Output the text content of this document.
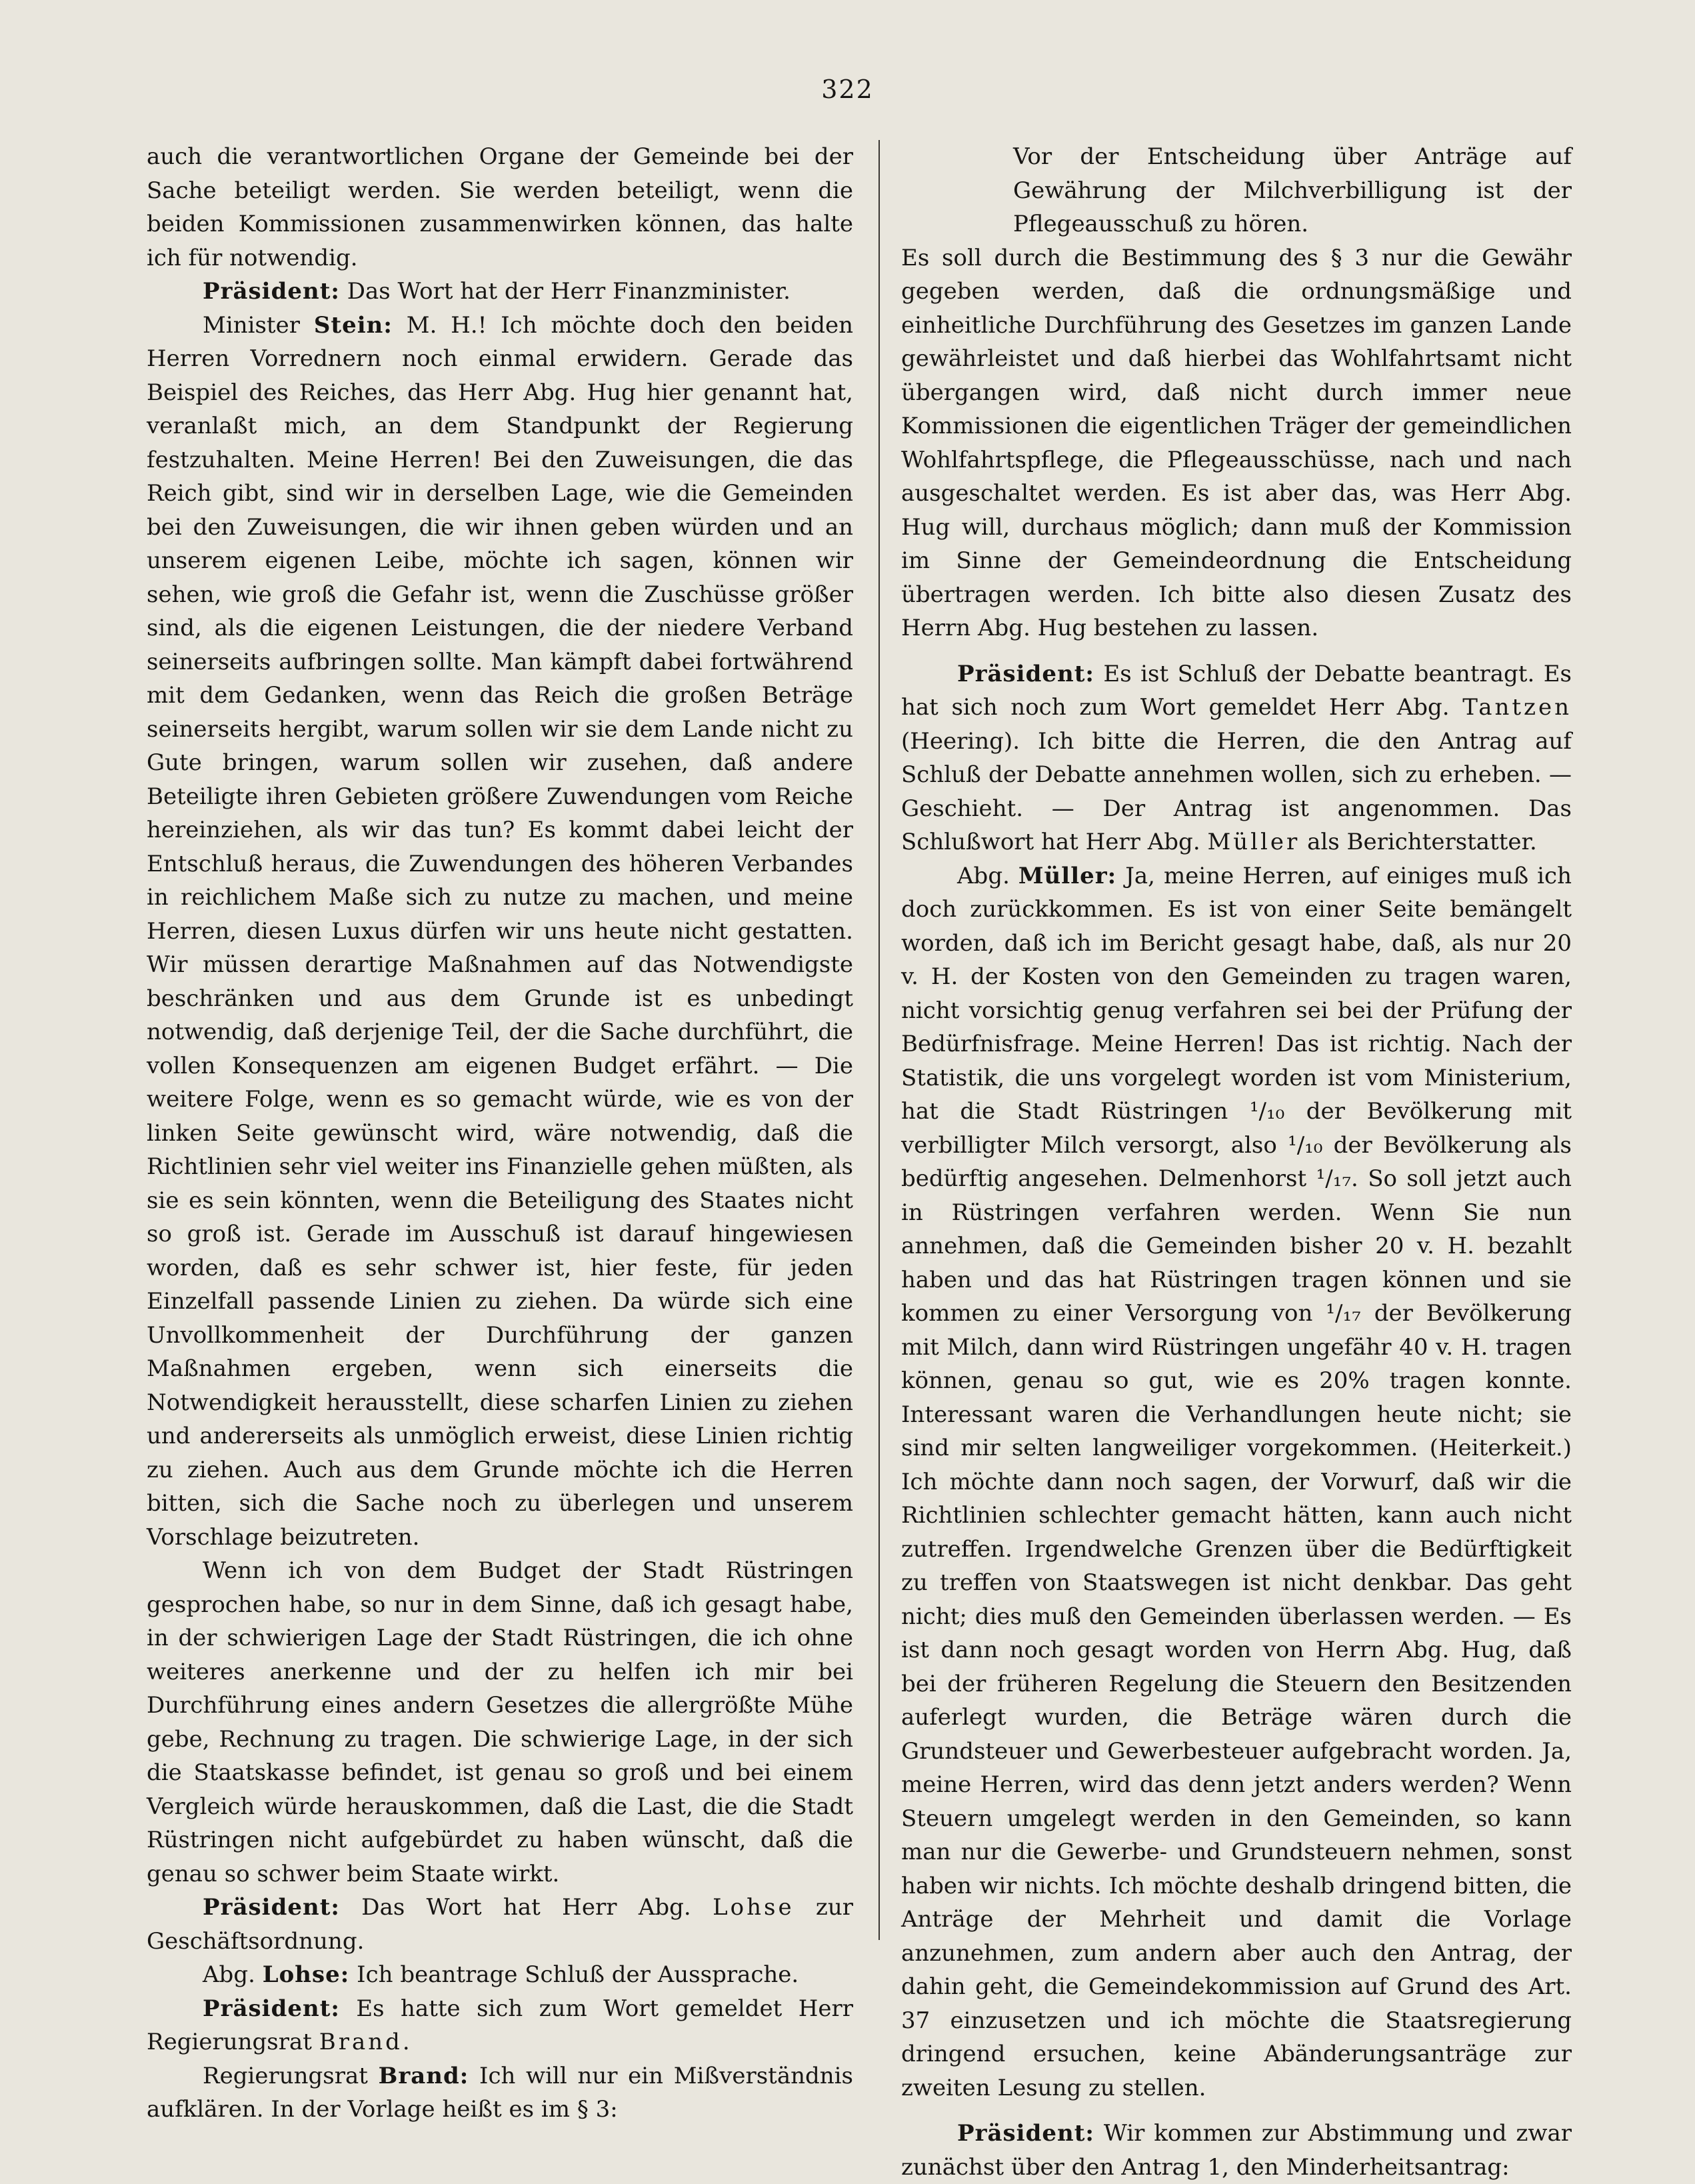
322

auch die verantwortlichen Organe der Gemeinde bei der Sache beteiligt werden. Sie werden beteiligt, wenn die beiden Kommissionen zusammenwirken können, das halte ich für notwendig.

Präsident: Das Wort hat der Herr Finanzminister.

Minister Stein: M. H.! Ich möchte doch den beiden Herren Vorrednern noch einmal erwidern. Gerade das Beispiel des Reiches, das Herr Abg. Hug hier genannt hat, veranlaßt mich, an dem Standpunkt der Regierung festzuhalten. Meine Herren! Bei den Zuweisungen, die das Reich gibt, sind wir in derselben Lage, wie die Gemeinden bei den Zuweisungen, die wir ihnen geben würden und an unserem eigenen Leibe, möchte ich sagen, können wir sehen, wie groß die Gefahr ist, wenn die Zuschüsse größer sind, als die eigenen Leistungen, die der niedere Verband seinerseits aufbringen sollte. Man kämpft dabei fortwährend mit dem Gedanken, wenn das Reich die großen Beträge seinerseits hergibt, warum sollen wir sie dem Lande nicht zu Gute bringen, warum sollen wir zusehen, daß andere Beteiligte ihren Gebieten größere Zuwendungen vom Reiche hereinziehen, als wir das tun? Es kommt dabei leicht der Entschluß heraus, die Zuwendungen des höheren Verbandes in reichlichem Maße sich zu nutze zu machen, und meine Herren, diesen Luxus dürfen wir uns heute nicht gestatten. Wir müssen derartige Maßnahmen auf das Notwendigste beschränken und aus dem Grunde ist es unbedingt notwendig, daß derjenige Teil, der die Sache durchführt, die vollen Konsequenzen am eigenen Budget erfährt. — Die weitere Folge, wenn es so gemacht würde, wie es von der linken Seite gewünscht wird, wäre notwendig, daß die Richtlinien sehr viel weiter ins Finanzielle gehen müßten, als sie es sein könnten, wenn die Beteiligung des Staates nicht so groß ist. Gerade im Ausschuß ist darauf hingewiesen worden, daß es sehr schwer ist, hier feste, für jeden Einzelfall passende Linien zu ziehen. Da würde sich eine Unvollkommenheit der Durchführung der ganzen Maßnahmen ergeben, wenn sich einerseits die Notwendigkeit herausstellt, diese scharfen Linien zu ziehen und andererseits als unmöglich erweist, diese Linien richtig zu ziehen. Auch aus dem Grunde möchte ich die Herren bitten, sich die Sache noch zu überlegen und unserem Vorschlage beizutreten.

Wenn ich von dem Budget der Stadt Rüstringen gesprochen habe, so nur in dem Sinne, daß ich gesagt habe, in der schwierigen Lage der Stadt Rüstringen, die ich ohne weiteres anerkenne und der zu helfen ich mir bei Durchführung eines andern Gesetzes die allergrößte Mühe gebe, Rechnung zu tragen. Die schwierige Lage, in der sich die Staatskasse befindet, ist genau so groß und bei einem Vergleich würde herauskommen, daß die Last, die die Stadt Rüstringen nicht aufgebürdet zu haben wünscht, daß die genau so schwer beim Staate wirkt.

Präsident: Das Wort hat Herr Abg. Lohse zur Geschäftsordnung.

Abg. Lohse: Ich beantrage Schluß der Aussprache.

Präsident: Es hatte sich zum Wort gemeldet Herr Regierungsrat Brand.

Regierungsrat Brand: Ich will nur ein Mißverständnis aufklären. In der Vorlage heißt es im § 3:

Vor der Entscheidung über Anträge auf Gewährung der Milchverbilligung ist der Pflegeausschuß zu hören.

Es soll durch die Bestimmung des § 3 nur die Gewähr gegeben werden, daß die ordnungsmäßige und einheitliche Durchführung des Gesetzes im ganzen Lande gewährleistet und daß hierbei das Wohlfahrtsamt nicht übergangen wird, daß nicht durch immer neue Kommissionen die eigentlichen Träger der gemeindlichen Wohlfahrtspflege, die Pflegeausschüsse, nach und nach ausgeschaltet werden. Es ist aber das, was Herr Abg. Hug will, durchaus möglich; dann muß der Kommission im Sinne der Gemeindeordnung die Entscheidung übertragen werden. Ich bitte also diesen Zusatz des Herrn Abg. Hug bestehen zu lassen.

Präsident: Es ist Schluß der Debatte beantragt. Es hat sich noch zum Wort gemeldet Herr Abg. Tantzen (Heering). Ich bitte die Herren, die den Antrag auf Schluß der Debatte annehmen wollen, sich zu erheben. — Geschieht. — Der Antrag ist angenommen. Das Schlußwort hat Herr Abg. Müller als Berichterstatter.

Abg. Müller: Ja, meine Herren, auf einiges muß ich doch zurückkommen. Es ist von einer Seite bemängelt worden, daß ich im Bericht gesagt habe, daß, als nur 20 v. H. der Kosten von den Gemeinden zu tragen waren, nicht vorsichtig genug verfahren sei bei der Prüfung der Bedürfnisfrage. Meine Herren! Das ist richtig. Nach der Statistik, die uns vorgelegt worden ist vom Ministerium, hat die Stadt Rüstringen ¹/₁₀ der Bevölkerung mit verbilligter Milch versorgt, also ¹/₁₀ der Bevölkerung als bedürftig angesehen. Delmenhorst ¹/₁₇. So soll jetzt auch in Rüstringen verfahren werden. Wenn Sie nun annehmen, daß die Gemeinden bisher 20 v. H. bezahlt haben und das hat Rüstringen tragen können und sie kommen zu einer Versorgung von ¹/₁₇ der Bevölkerung mit Milch, dann wird Rüstringen ungefähr 40 v. H. tragen können, genau so gut, wie es 20% tragen konnte. Interessant waren die Verhandlungen heute nicht; sie sind mir selten langweiliger vorgekommen. (Heiterkeit.) Ich möchte dann noch sagen, der Vorwurf, daß wir die Richtlinien schlechter gemacht hätten, kann auch nicht zutreffen. Irgendwelche Grenzen über die Bedürftigkeit zu treffen von Staatswegen ist nicht denkbar. Das geht nicht; dies muß den Gemeinden überlassen werden. — Es ist dann noch gesagt worden von Herrn Abg. Hug, daß bei der früheren Regelung die Steuern den Besitzenden auferlegt wurden, die Beträge wären durch die Grundsteuer und Gewerbesteuer aufgebracht worden. Ja, meine Herren, wird das denn jetzt anders werden? Wenn Steuern umgelegt werden in den Gemeinden, so kann man nur die Gewerbe- und Grundsteuern nehmen, sonst haben wir nichts. Ich möchte deshalb dringend bitten, die Anträge der Mehrheit und damit die Vorlage anzunehmen, zum andern aber auch den Antrag, der dahin geht, die Gemeindekommission auf Grund des Art. 37 einzusetzen und ich möchte die Staatsregierung dringend ersuchen, keine Abänderungsanträge zur zweiten Lesung zu stellen.

Präsident: Wir kommen zur Abstimmung und zwar zunächst über den Antrag 1, den Minderheitsantrag:
